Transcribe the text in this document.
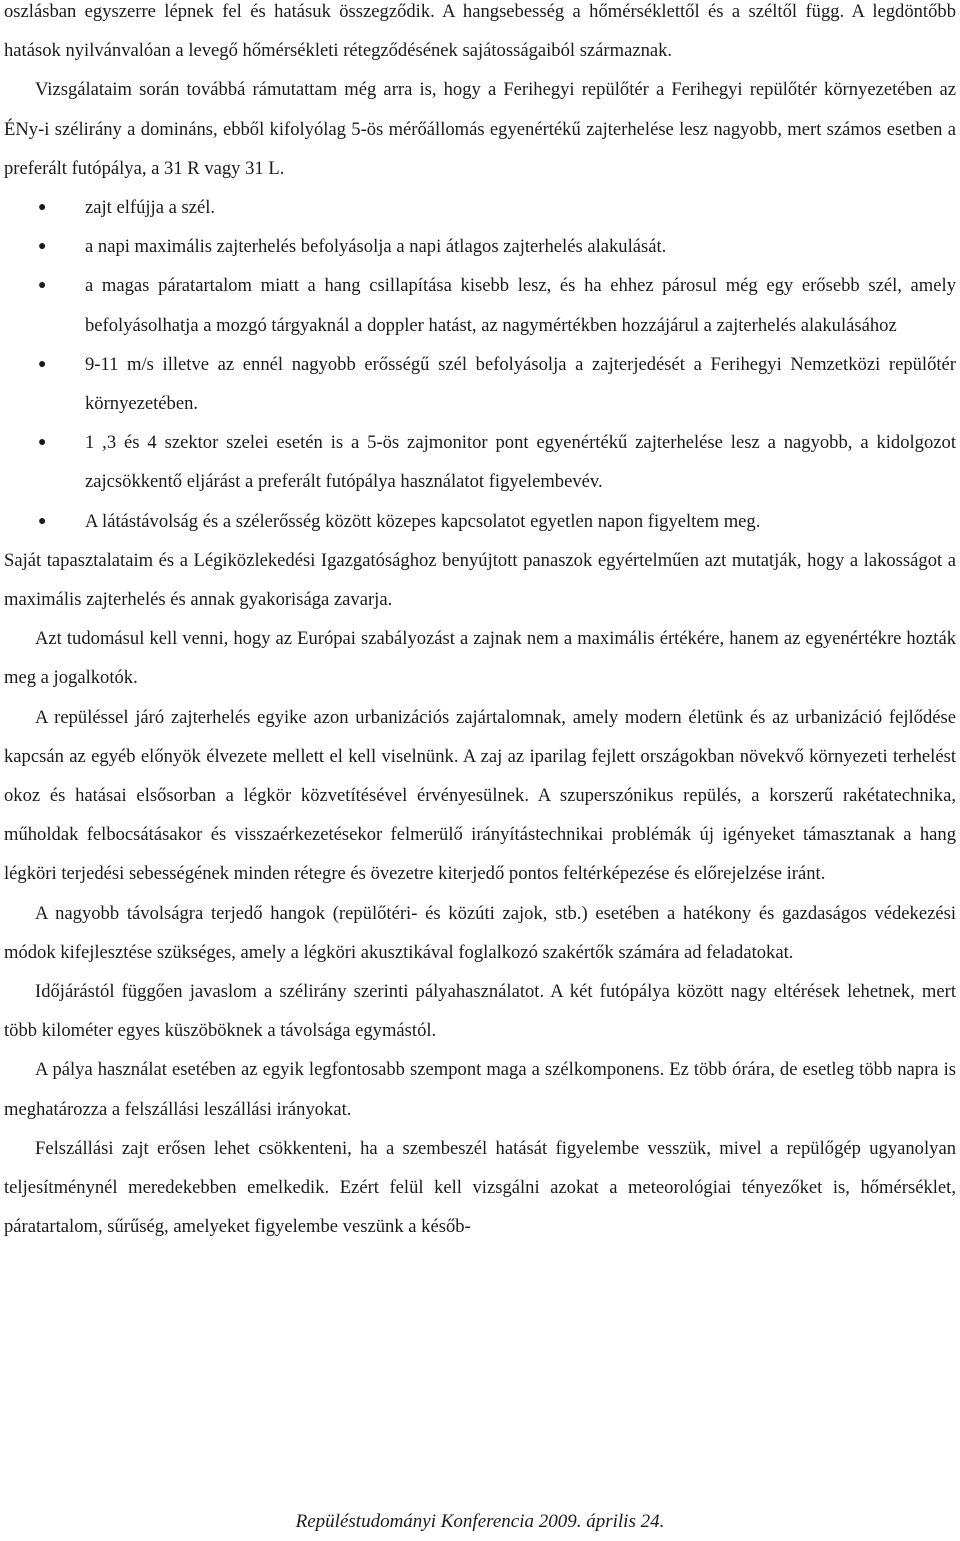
oszlásban egyszerre lépnek fel és hatásuk összegződik. A hangsebesség a hőmérséklettől és a széltől függ. A legdöntőbb hatások nyilvánvalóan a levegő hőmérsékleti rétegződésének sajátosságaiból származnak.

Vizsgálataim során továbbá rámutattam még arra is, hogy a Ferihegyi repülőtér a Ferihegyi repülőtér környezetében az ÉNy-i szélirány a domináns, ebből kifolyólag 5-ös mérőállomás egyenértékű zajterhelése lesz nagyobb, mert számos esetben a preferált futópálya, a 31 R vagy 31 L.

● zajt elfújja a szél.
● a napi maximális zajterhelés befolyásolja a napi átlagos zajterhelés alakulását.
● a magas páratartalom miatt a hang csillapítása kisebb lesz, és ha ehhez párosul még egy erősebb szél, amely befolyásolhatja a mozgó tárgyaknál a doppler hatást, az nagymértékben hozzájárul a zajterhelés alakulásához
● 9-11 m/s illetve az ennél nagyobb erősségű szél befolyásolja a zajterjedését a Ferihegyi Nemzetközi repülőtér környezetében.
● 1 ,3 és 4 szektor szelei esetén is a 5-ös zajmonitor pont egyenértékű zajterhelése lesz a nagyobb, a kidolgozot zajcsökkentő eljárást a preferált futópálya használatot figyelembevév.
● A látástávolság és a szélerősség között közepes kapcsolatot egyetlen napon figyeltem meg.

Saját tapasztalataim és a Légiközlekedési Igazgatósághoz benyújtott panaszok egyértelműen azt mutatják, hogy a lakosságot a maximális zajterhelés és annak gyakorisága zavarja.

Azt tudomásul kell venni, hogy az Európai szabályozást a zajnak nem a maximális értékére, hanem az egyenértékre hozták meg a jogalkotók.

A repüléssel járó zajterhelés egyike azon urbanizációs zajártalomnak, amely modern életünk és az urbanizáció fejlődése kapcsán az egyéb előnyök élvezete mellett el kell viselnünk. A zaj az iparilag fejlett országokban növekvő környezeti terhelést okoz és hatásai elsősorban a légkör közvetítésével érvényesülnek. A szuperszónikus repülés, a korszerű rakétatechnika, műholdak felbocsátásakor és visszaérkezetésekor felmerülő irányítástechnikai problémák új igényeket támasztanak a hang légköri terjedési sebességének minden rétegre és övezetre kiterjedő pontos feltérképezése és előrejelzése iránt.

A nagyobb távolságra terjedő hangok (repülőtéri- és közúti zajok, stb.) esetében a hatékony és gazdaságos védekezési módok kifejlesztése szükséges, amely a légköri akusztikával foglalkozó szakértők számára ad feladatokat.

Időjárástól függően javaslom a szélirány szerinti pályahasználatot. A két futópálya között nagy eltérések lehetnek, mert több kilométer egyes küszöböknek a távolsága egymástól.

A pálya használat esetében az egyik legfontosabb szempont maga a szélkomponens. Ez több órára, de esetleg több napra is meghatározza a felszállási leszállási irányokat.

Felszállási zajt erősen lehet csökkenteni, ha a szembeszél hatását figyelembe vesszük, mivel a repülőgép ugyanolyan teljesítménynél meredekebben emelkedik. Ezért felül kell vizsgálni azokat a meteorológiai tényezőket is, hőmérséklet, páratartalom, sűrűség, amelyeket figyelembe veszünk a későb-

Repüléstudományi Konferencia 2009. április 24.
